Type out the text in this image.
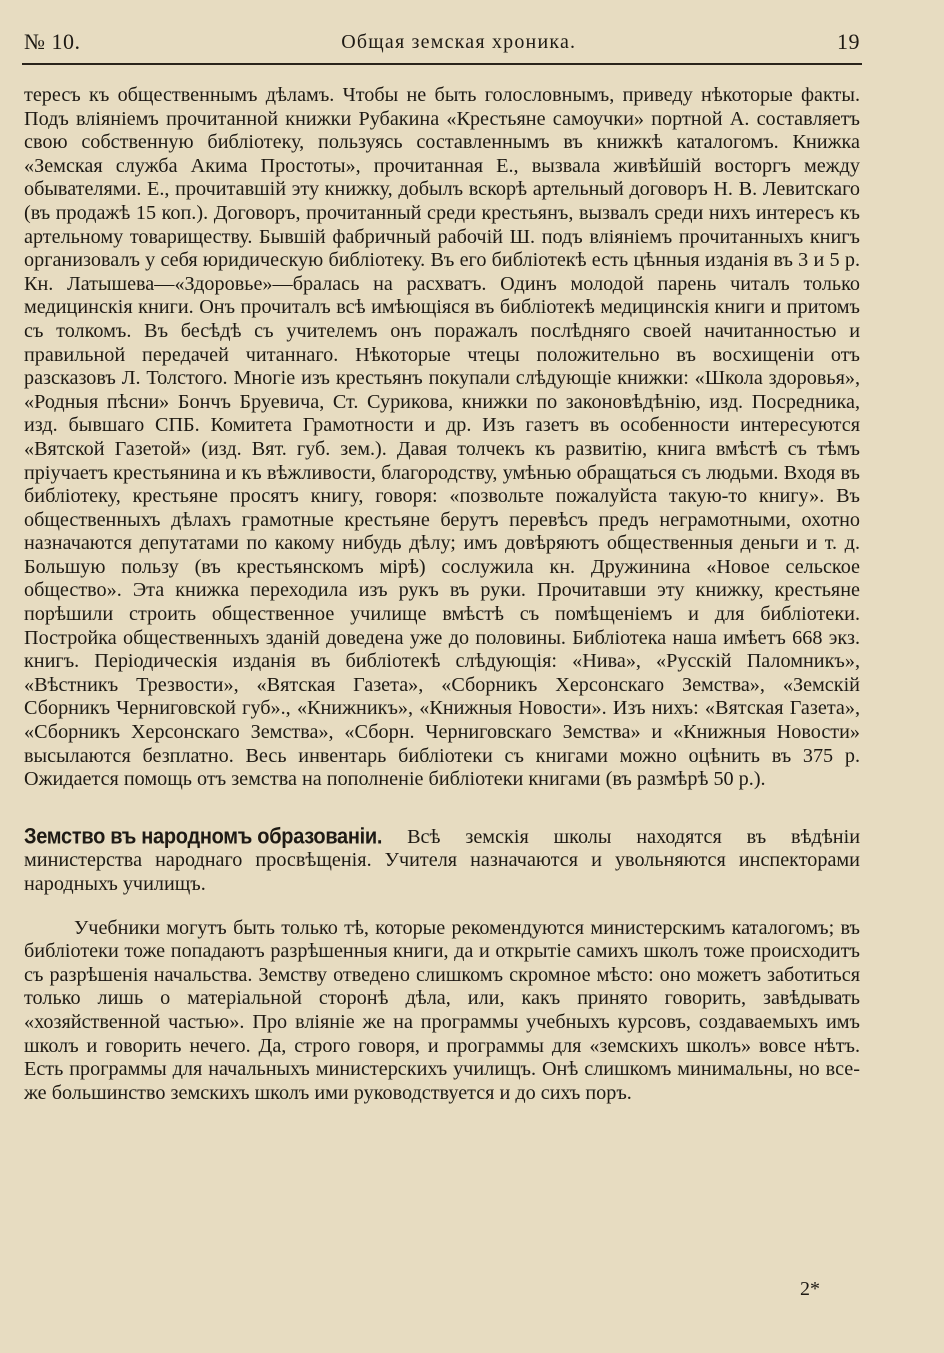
№ 10.	Общая земская хроника.	19

тересъ къ общественнымъ дѣламъ. Чтобы не быть голословнымъ, приведу нѣкоторые факты. Подъ вліяніемъ прочитанной книжки Рубакина «Крестьяне самоучки» портной А. составляетъ свою собственную библіотеку, пользуясь составленнымъ въ книжкѣ каталогомъ. Книжка «Земская служба Акима Простоты», прочитанная Е., вызвала живѣйшій восторгъ между обывателями. Е., прочитавшій эту книжку, добылъ вскорѣ артельный договоръ Н. В. Левитскаго (въ продажѣ 15 коп.). Договоръ, прочитанный среди крестьянъ, вызвалъ среди нихъ интересъ къ артельному товариществу. Бывшій фабричный рабочій Ш. подъ вліяніемъ прочитанныхъ книгъ организовалъ у себя юридическую библіотеку. Въ его библіотекѣ есть цѣнныя изданія въ 3 и 5 р. Кн. Латышева—«Здоровье»—бралась на расхватъ. Одинъ молодой парень читалъ только медицинскія книги. Онъ прочиталъ всѣ имѣющіяся въ библіотекѣ медицинскія книги и притомъ съ толкомъ. Въ бесѣдѣ съ учителемъ онъ поражалъ послѣдняго своей начитанностью и правильной передачей читаннаго. Нѣкоторые чтецы положительно въ восхищеніи отъ разсказовъ Л. Толстого. Многіе изъ крестьянъ покупали слѣдующіе книжки: «Школа здоровья», «Родныя пѣсни» Бончъ Бруевича, Ст. Сурикова, книжки по законовѣдѣнію, изд. Посредника, изд. бывшаго СПБ. Комитета Грамотности и др. Изъ газетъ въ особенности интересуются «Вятской Газетой» (изд. Вят. губ. зем.). Давая толчекъ къ развитію, книга вмѣстѣ съ тѣмъ пріучаетъ крестьянина и къ вѣжливости, благородству, умѣнью обращаться съ людьми. Входя въ библіотеку, крестьяне просятъ книгу, говоря: «позвольте пожалуйста такую-то книгу». Въ общественныхъ дѣлахъ грамотные крестьяне берутъ перевѣсъ предъ неграмотными, охотно назначаются депутатами по какому нибудь дѣлу; имъ довѣряютъ общественныя деньги и т. д. Большую пользу (въ крестьянскомъ мірѣ) сослужила кн. Дружинина «Новое сельское общество». Эта книжка переходила изъ рукъ въ руки. Прочитавши эту книжку, крестьяне порѣшили строить общественное училище вмѣстѣ съ помѣщеніемъ и для библіотеки. Постройка общественныхъ зданій доведена уже до половины. Библіотека наша имѣетъ 668 экз. книгъ. Періодическія изданія въ библіотекѣ слѣдующія: «Нива», «Русскій Паломникъ», «Вѣстникъ Трезвости», «Вятская Газета», «Сборникъ Херсонскаго Земства», «Земскій Сборникъ Черниговской губ»., «Книжникъ», «Книжныя Новости». Изъ нихъ: «Вятская Газета», «Сборникъ Херсонскаго Земства», «Сборн. Черниговскаго Земства» и «Книжныя Новости» высылаются безплатно. Весь инвентарь библіотеки съ книгами можно оцѣнить въ 375 р. Ожидается помощь отъ земства на пополненіе библіотеки книгами (въ размѣрѣ 50 р.).

Земство въ народномъ образованіи. Всѣ земскія школы находятся въ вѣдѣніи министерства народнаго просвѣщенія. Учителя назначаются и увольняются инспекторами народныхъ училищъ.

Учебники могутъ быть только тѣ, которые рекомендуются министерскимъ каталогомъ; въ библіотеки тоже попадаютъ разрѣшенныя книги, да и открытіе самихъ школъ тоже происходитъ съ разрѣшенія начальства. Земству отведено слишкомъ скромное мѣсто: оно можетъ заботиться только лишь о матеріальной сторонѣ дѣла, или, какъ принято говорить, завѣдывать «хозяйственной частью». Про вліяніе же на программы учебныхъ курсовъ, создаваемыхъ имъ школъ и говорить нечего. Да, строго говоря, и программы для «земскихъ школъ» вовсе нѣтъ. Есть программы для начальныхъ министерскихъ училищъ. Онѣ слишкомъ минимальны, но все-же большинство земскихъ школъ ими руководствуется и до сихъ поръ.

2*
